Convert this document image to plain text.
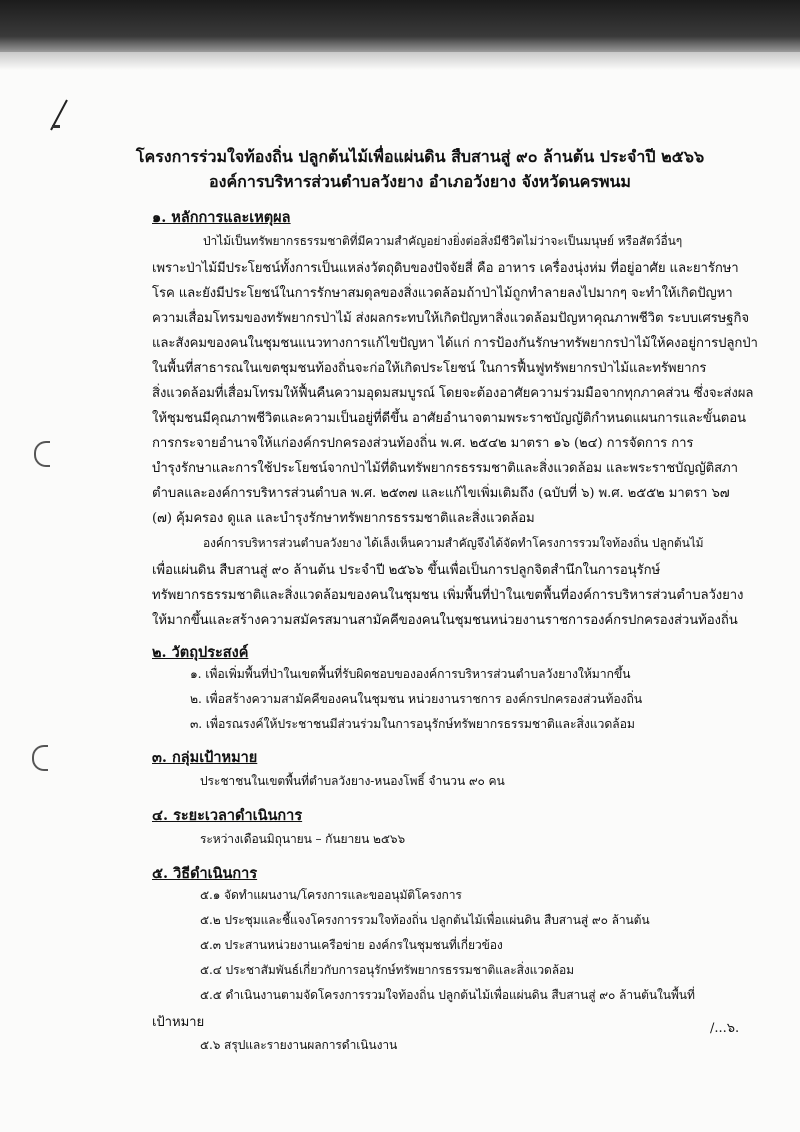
โครงการร่วมใจท้องถิ่น ปลูกต้นไม้เพื่อแผ่นดิน สืบสานสู่ ๙๐ ล้านต้น ประจำปี ๒๕๖๖
องค์การบริหารส่วนตำบลวังยาง อำเภอวังยาง จังหวัดนครพนม
๑. หลักการและเหตุผล
ป่าไม้เป็นทรัพยากรธรรมชาติที่มีความสำคัญอย่างยิ่งต่อสิ่งมีชีวิตไม่ว่าจะเป็นมนุษย์ หรือสัตว์อื่นๆ
เพราะป่าไม้มีประโยชน์ทั้งการเป็นแหล่งวัตถุดิบของปัจจัยสี่ คือ อาหาร เครื่องนุ่งห่ม ที่อยู่อาศัย และยารักษา
โรค และยังมีประโยชน์ในการรักษาสมดุลของสิ่งแวดล้อมถ้าป่าไม้ถูกทำลายลงไปมากๆ จะทำให้เกิดปัญหา
ความเสื่อมโทรมของทรัพยากรป่าไม้ ส่งผลกระทบให้เกิดปัญหาสิ่งแวดล้อมปัญหาคุณภาพชีวิต ระบบเศรษฐกิจ
และสังคมของคนในชุมชนแนวทางการแก้ไขปัญหา ได้แก่ การป้องกันรักษาทรัพยากรป่าไม้ให้คงอยู่การปลูกป่า
ในพื้นที่สาธารณในเขตชุมชนท้องถิ่นจะก่อให้เกิดประโยชน์ ในการฟื้นฟูทรัพยากรป่าไม้และทรัพยากร
สิ่งแวดล้อมที่เสื่อมโทรมให้ฟื้นคืนความอุดมสมบูรณ์ โดยจะต้องอาศัยความร่วมมือจากทุกภาคส่วน ซึ่งจะส่งผล
ให้ชุมชนมีคุณภาพชีวิตและความเป็นอยู่ที่ดีขึ้น อาศัยอำนาจตามพระราชบัญญัติกำหนดแผนการและขั้นตอน
การกระจายอำนาจให้แก่องค์กรปกครองส่วนท้องถิ่น พ.ศ. ๒๕๔๒ มาตรา ๑๖ (๒๔) การจัดการ การ
บำรุงรักษาและการใช้ประโยชน์จากป่าไม้ที่ดินทรัพยากรธรรมชาติและสิ่งแวดล้อม และพระราชบัญญัติสภา
ตำบลและองค์การบริหารส่วนตำบล พ.ศ. ๒๕๓๗ และแก้ไขเพิ่มเติมถึง (ฉบับที่ ๖) พ.ศ. ๒๕๕๒ มาตรา ๖๗
(๗) คุ้มครอง ดูแล และบำรุงรักษาทรัพยากรธรรมชาติและสิ่งแวดล้อม
องค์การบริหารส่วนตำบลวังยาง ได้เล็งเห็นความสำคัญจึงได้จัดทำโครงการรวมใจท้องถิ่น ปลูกต้นไม้
เพื่อแผ่นดิน สืบสานสู่ ๙๐ ล้านต้น ประจำปี ๒๕๖๖ ขึ้นเพื่อเป็นการปลูกจิตสำนึกในการอนุรักษ์
ทรัพยากรธรรมชาติและสิ่งแวดล้อมของคนในชุมชน เพิ่มพื้นที่ป่าในเขตพื้นที่องค์การบริหารส่วนตำบลวังยาง
ให้มากขึ้นและสร้างความสมัครสมานสามัคคีของคนในชุมชนหน่วยงานราชการองค์กรปกครองส่วนท้องถิ่น
๒. วัตถุประสงค์
๑. เพื่อเพิ่มพื้นที่ป่าในเขตพื้นที่รับผิดชอบขององค์การบริหารส่วนตำบลวังยางให้มากขึ้น
๒. เพื่อสร้างความสามัคคีของคนในชุมชน หน่วยงานราชการ องค์กรปกครองส่วนท้องถิ่น
๓. เพื่อรณรงค์ให้ประชาชนมีส่วนร่วมในการอนุรักษ์ทรัพยากรธรรมชาติและสิ่งแวดล้อม
๓. กลุ่มเป้าหมาย
ประชาชนในเขตพื้นที่ตำบลวังยาง-หนองโพธิ์ จำนวน ๙๐ คน
๔. ระยะเวลาดำเนินการ
ระหว่างเดือนมิถุนายน – กันยายน ๒๕๖๖
๕. วิธีดำเนินการ
๕.๑ จัดทำแผนงาน/โครงการและขออนุมัติโครงการ
๕.๒ ประชุมและชี้แจงโครงการรวมใจท้องถิ่น ปลูกต้นไม้เพื่อแผ่นดิน สืบสานสู่ ๙๐ ล้านต้น
๕.๓ ประสานหน่วยงานเครือข่าย องค์กรในชุมชนที่เกี่ยวข้อง
๕.๔ ประชาสัมพันธ์เกี่ยวกับการอนุรักษ์ทรัพยากรธรรมชาติและสิ่งแวดล้อม
๕.๕ ดำเนินงานตามจัดโครงการรวมใจท้องถิ่น ปลูกต้นไม้เพื่อแผ่นดิน สืบสานสู่ ๙๐ ล้านต้นในพื้นที่
เป้าหมาย
๕.๖ สรุปและรายงานผลการดำเนินงาน
/...๖.
